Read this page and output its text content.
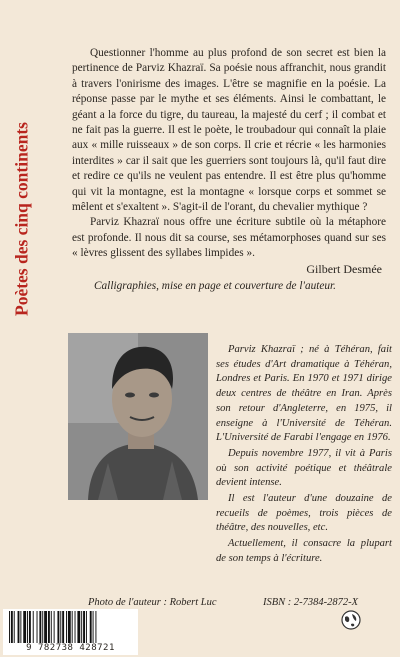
Poètes des cinq continents

Questionner l'homme au plus profond de son secret est bien la pertinence de Parviz Khazraï. Sa poésie nous affranchit, nous grandit à travers l'onirisme des images. L'être se magnifie en la poésie. La réponse passe par le mythe et ses éléments. Ainsi le combattant, le géant a la force du tigre, du taureau, la majesté du cerf ; il combat et ne fait pas la guerre. Il est le poète, le troubadour qui connaît la plaie aux « mille ruisseaux » de son corps. Il crie et récrie « les harmonies interdites » car il sait que les guerriers sont toujours là, qu'il faut dire et redire ce qu'ils ne veulent pas entendre. Il est être plus qu'homme qui vit la montagne, est la montagne « lorsque corps et sommet se mêlent et s'exaltent ». S'agit-il de l'orant, du chevalier mythique ?

Parviz Khazraï nous offre une écriture subtile où la métaphore est profonde. Il nous dit sa course, ses métamorphoses quand sur ses « lèvres glissent des syllabes limpides ».

Gilbert Desmée
Calligraphies, mise en page et couverture de l'auteur.

Parviz Khazraï ; né à Téhéran, fait ses études d'Art dramatique à Téhéran, Londres et Paris. En 1970 et 1971 dirige deux centres de théâtre en Iran. Après son retour d'Angleterre, en 1975, il enseigne à l'Université de Téhéran. L'Université de Farabi l'engage en 1976.

Depuis novembre 1977, il vit à Paris où son activité poétique et théâtrale devient intense.

Il est l'auteur d'une douzaine de recueils de poèmes, trois pièces de théâtre, des nouvelles, etc.

Actuellement, il consacre la plupart de son temps à l'écriture.

Photo de l'auteur : Robert Luc	ISBN : 2-7384-2872-X
9 782738 428721
